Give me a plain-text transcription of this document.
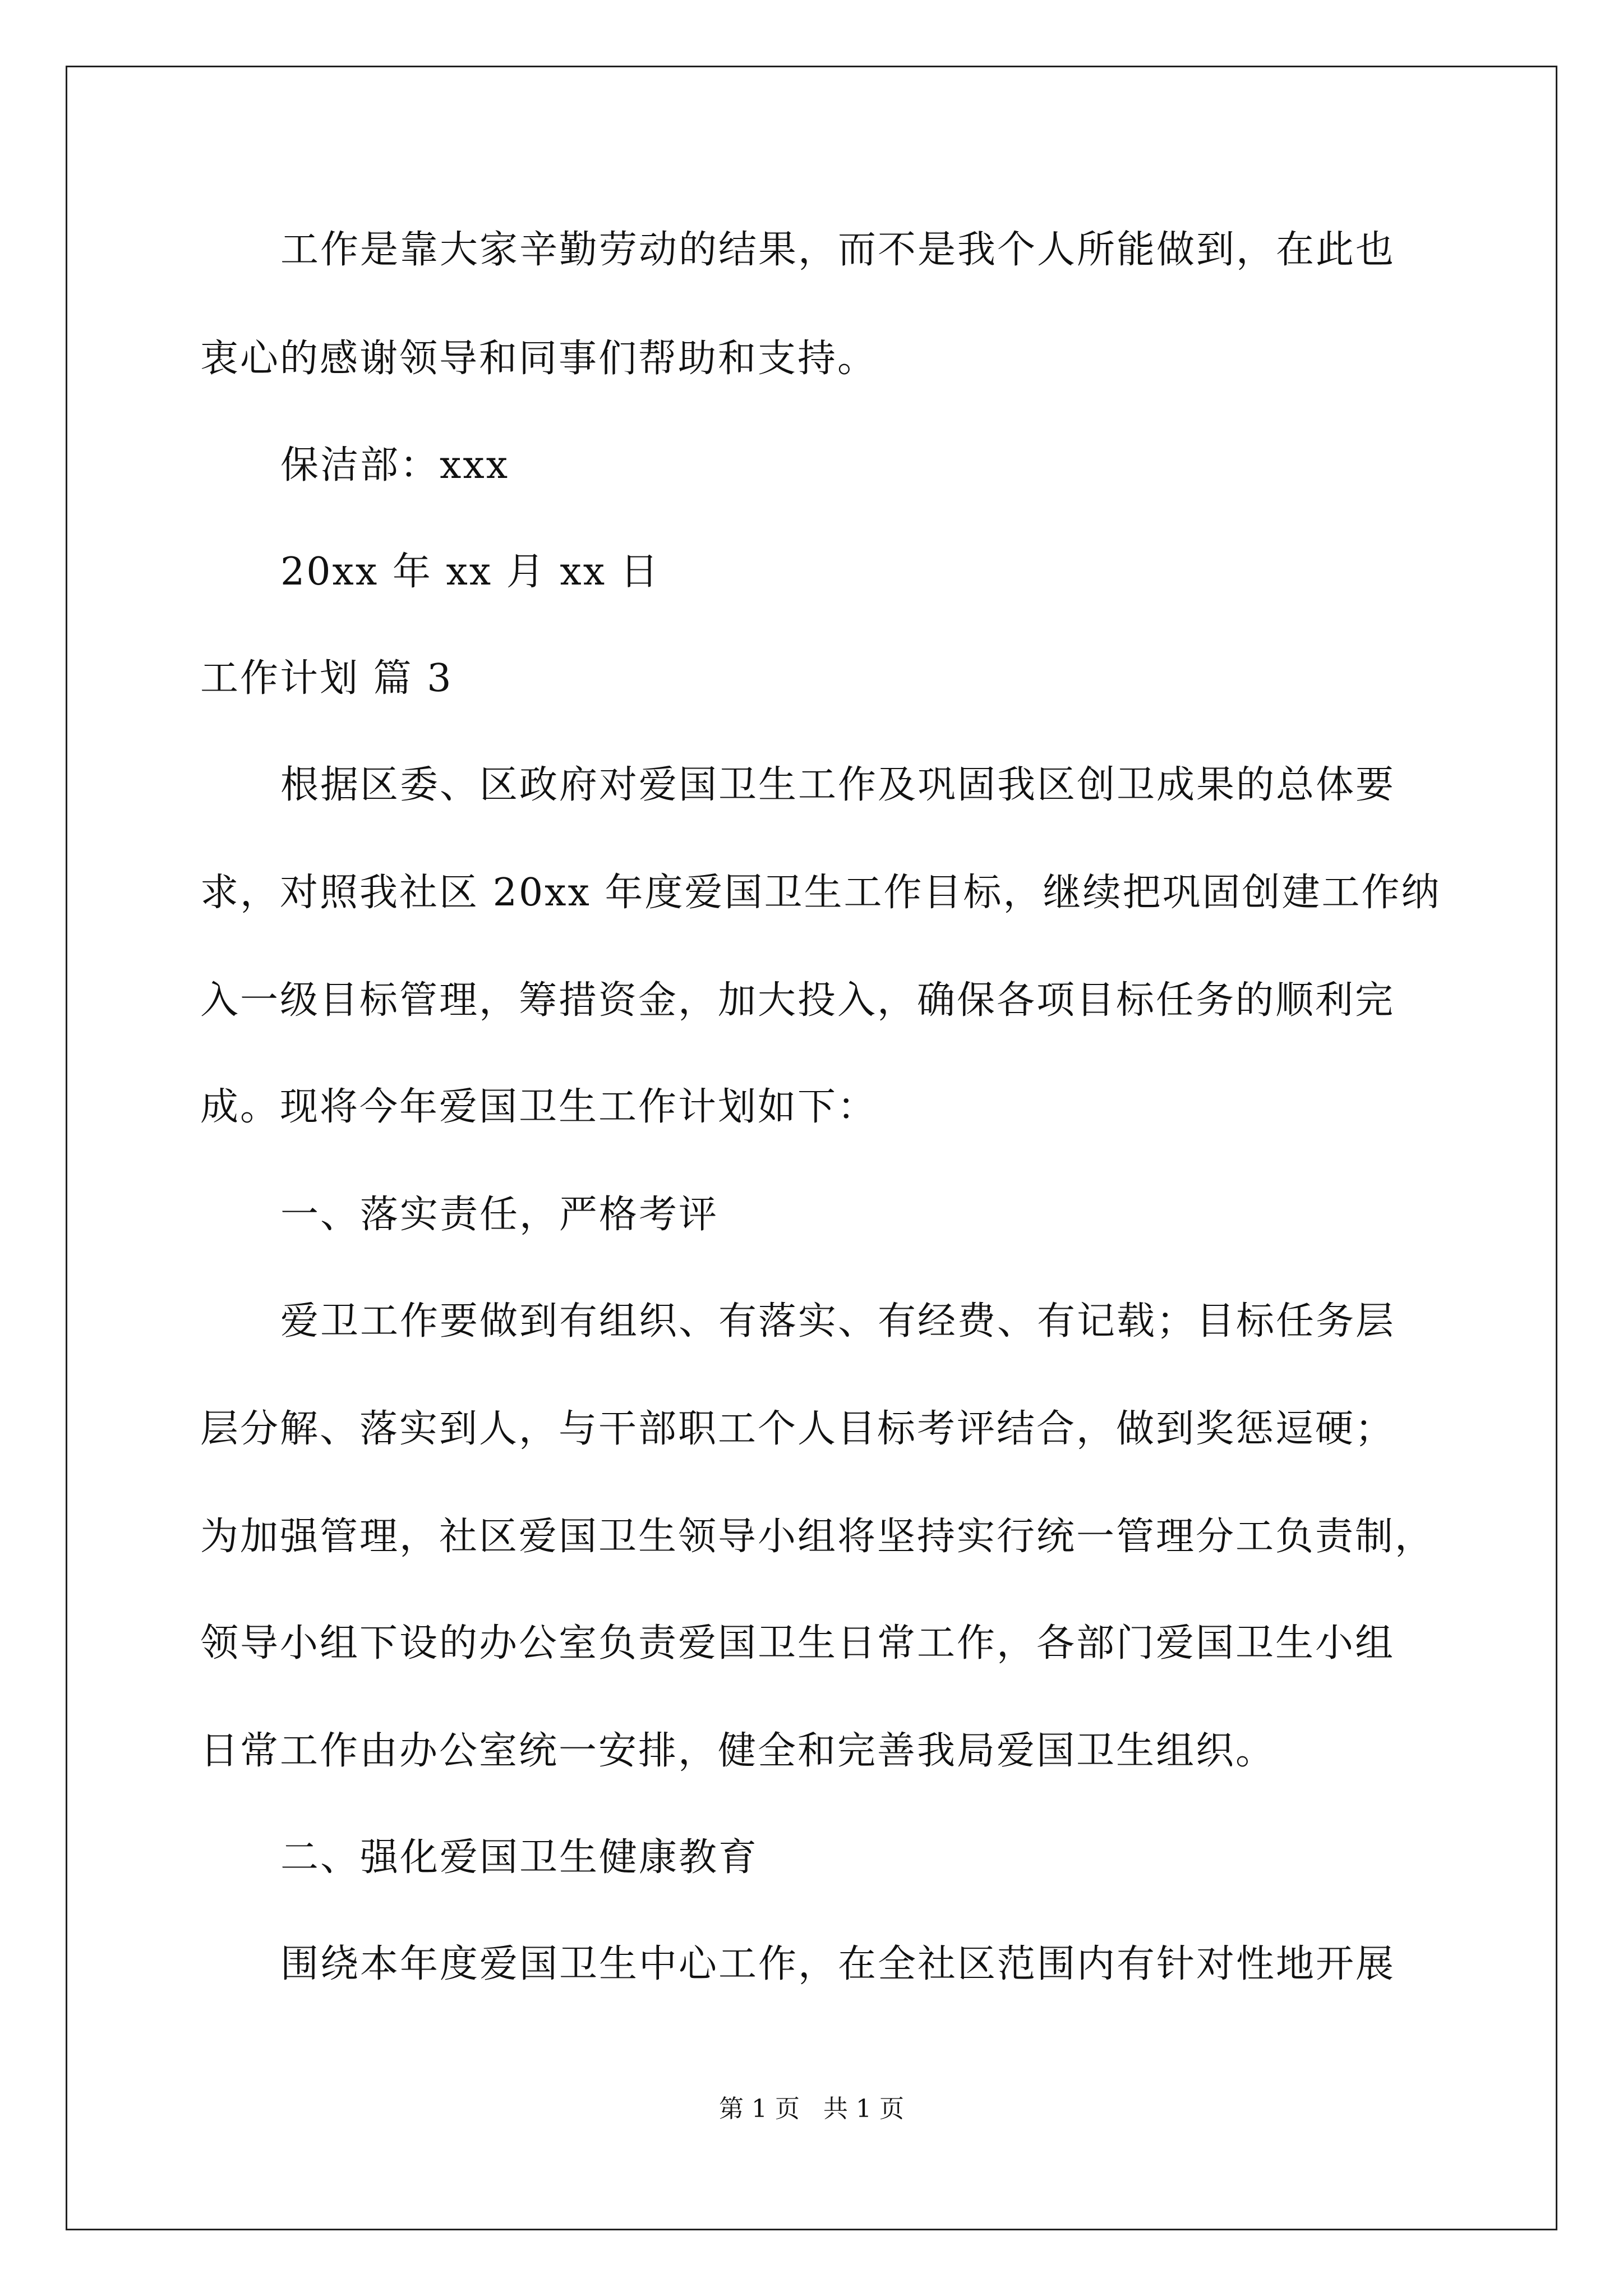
工作是靠大家辛勤劳动的结果，而不是我个人所能做到，在此也
衷心的感谢领导和同事们帮助和支持。
保洁部：xxx
20xx 年 xx 月 xx 日
工作计划 篇 3
根据区委、区政府对爱国卫生工作及巩固我区创卫成果的总体要
求，对照我社区 20xx 年度爱国卫生工作目标，继续把巩固创建工作纳
入一级目标管理，筹措资金，加大投入，确保各项目标任务的顺利完
成。现将今年爱国卫生工作计划如下：
一、落实责任，严格考评
爱卫工作要做到有组织、有落实、有经费、有记载；目标任务层
层分解、落实到人，与干部职工个人目标考评结合，做到奖惩逗硬；
为加强管理，社区爱国卫生领导小组将坚持实行统一管理分工负责制，
领导小组下设的办公室负责爱国卫生日常工作，各部门爱国卫生小组
日常工作由办公室统一安排，健全和完善我局爱国卫生组织。
二、强化爱国卫生健康教育
围绕本年度爱国卫生中心工作，在全社区范围内有针对性地开展
第 1 页   共 1 页
